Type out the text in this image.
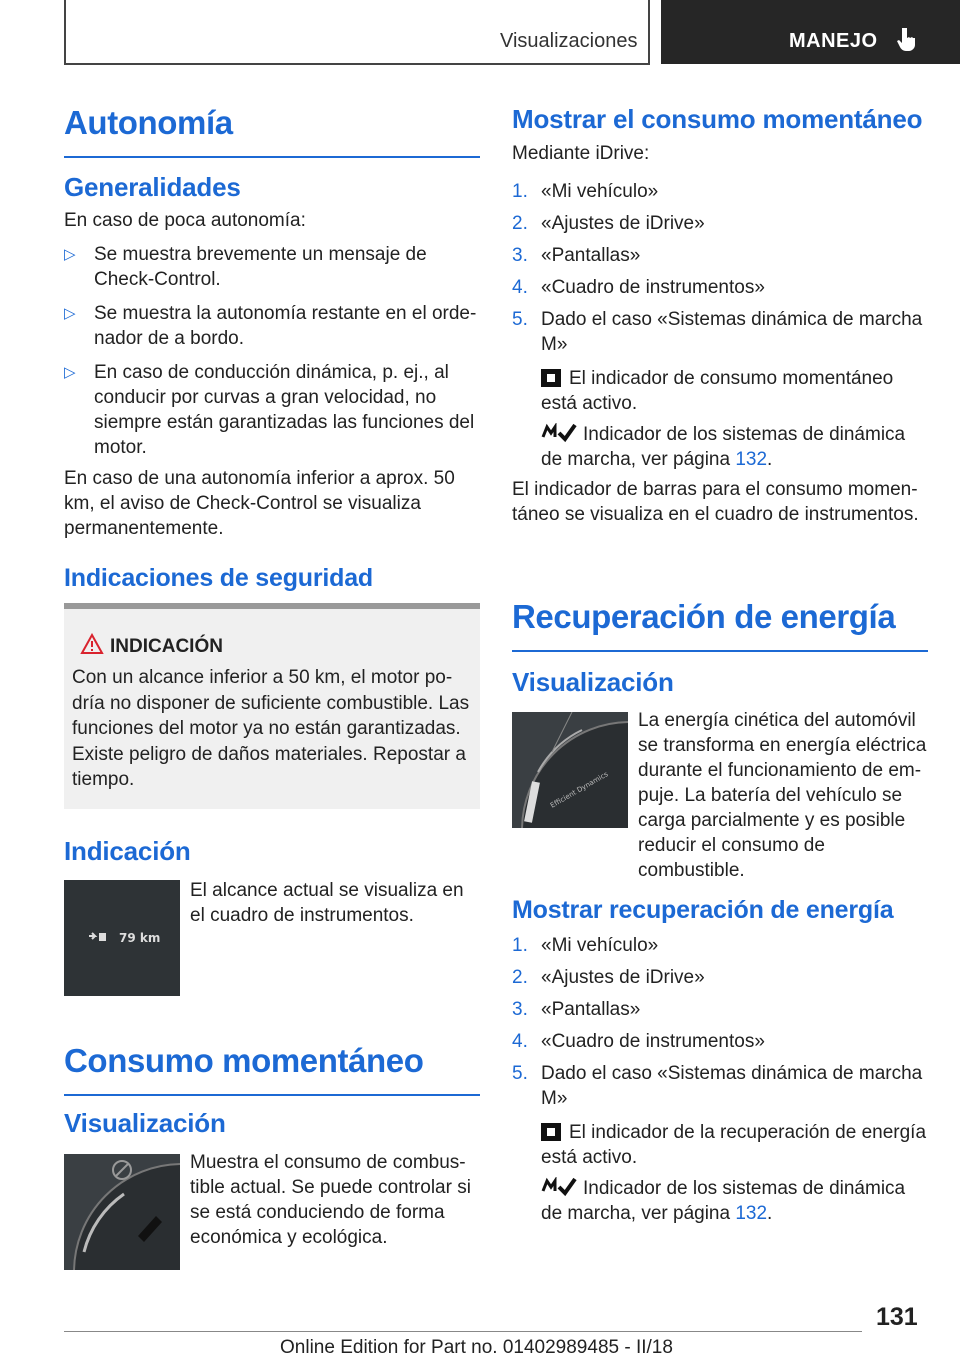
Visualizaciones	MANEJO
Autonomía
Generalidades

En caso de poca autonomía:

▷ Se muestra brevemente un mensaje de Check-Control.
▷ Se muestra la autonomía restante en el orde-nador de a bordo.
▷ En caso de conducción dinámica, p. ej., al conducir por curvas a gran velocidad, no siempre están garantizadas las funciones del motor.

En caso de una autonomía inferior a aprox. 50 km, el aviso de Check-Control se visualiza permanentemente.

Indicaciones de seguridad
INDICACIÓN
Con un alcance inferior a 50 km, el motor po-dría no disponer de suficiente combustible. Las funciones del motor ya no están garantizadas. Existe peligro de daños materiales. Repostar a tiempo.
Indicación
79 km

El alcance actual se visualiza en el cuadro de instrumentos.

Consumo momentáneo
Visualización

Muestra el consumo de combus-tible actual. Se puede controlar si se está conduciendo de forma económica y ecológica.

Mostrar el consumo momentáneo

Mediante iDrive:

1. «Mi vehículo»
2. «Ajustes de iDrive»
3. «Pantallas»
4. «Cuadro de instrumentos»
5. Dado el caso «Sistemas dinámica de marcha M»
El indicador de consumo momentáneo está activo.
Indicador de los sistemas de dinámica de marcha, ver página 132.

El indicador de barras para el consumo momen-táneo se visualiza en el cuadro de instrumentos.

Recuperación de energía
Visualización
Efficient Dynamics

La energía cinética del automóvil se transforma en energía eléctrica durante el funcionamiento de em-puje. La batería del vehículo se carga parcialmente y es posible reducir el consumo de combustible.

Mostrar recuperación de energía
1. «Mi vehículo»
2. «Ajustes de iDrive»
3. «Pantallas»
4. «Cuadro de instrumentos»
5. Dado el caso «Sistemas dinámica de marcha M»
El indicador de la recuperación de energía está activo.
Indicador de los sistemas de dinámica de marcha, ver página 132.
131
Online Edition for Part no. 01402989485 - II/18
